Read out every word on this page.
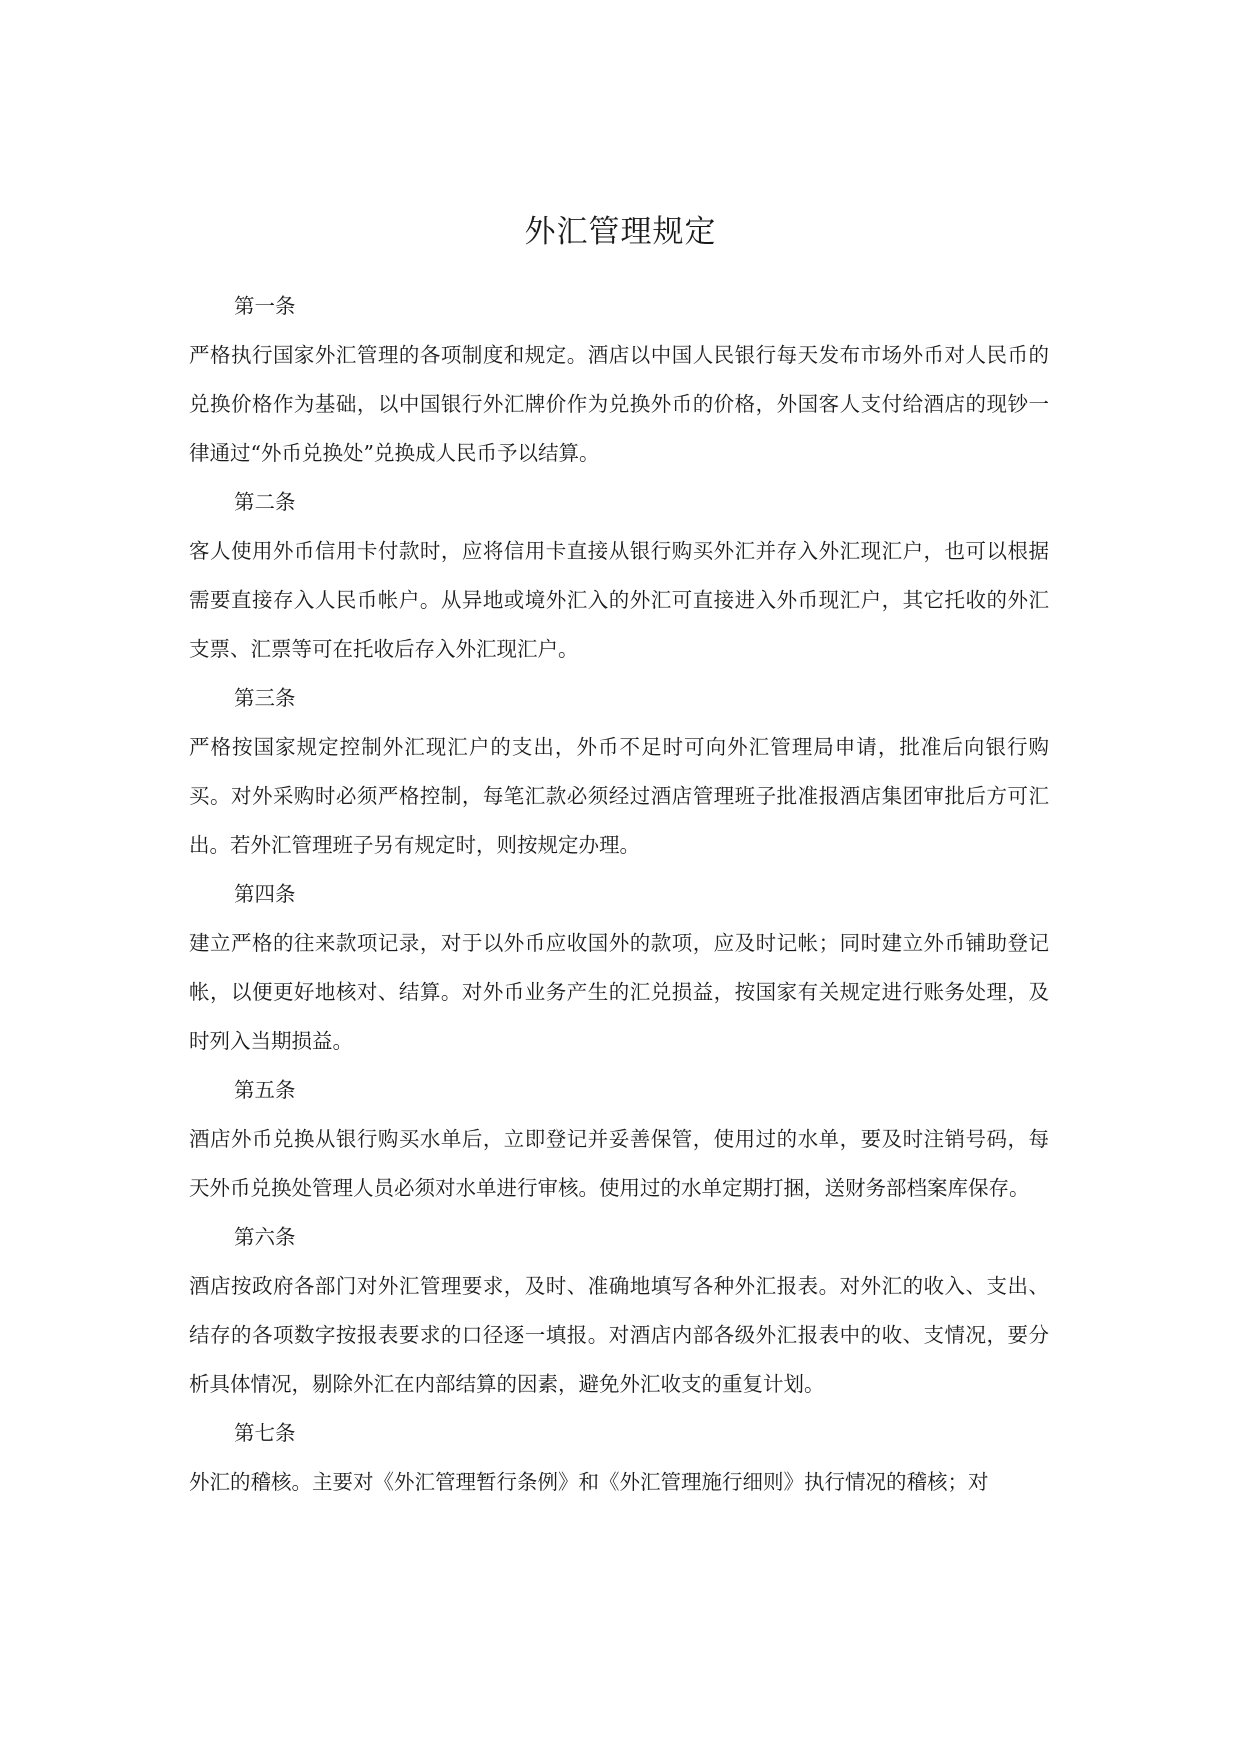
外汇管理规定
第一条
严格执行国家外汇管理的各项制度和规定。酒店以中国人民银行每天发布市场外币对人民币的兑换价格作为基础，以中国银行外汇牌价作为兑换外币的价格，外国客人支付给酒店的现钞一律通过“外币兑换处”兑换成人民币予以结算。
第二条
客人使用外币信用卡付款时，应将信用卡直接从银行购买外汇并存入外汇现汇户，也可以根据需要直接存入人民币帐户。从异地或境外汇入的外汇可直接进入外币现汇户，其它托收的外汇支票、汇票等可在托收后存入外汇现汇户。
第三条
严格按国家规定控制外汇现汇户的支出，外币不足时可向外汇管理局申请，批准后向银行购买。对外采购时必须严格控制，每笔汇款必须经过酒店管理班子批准报酒店集团审批后方可汇出。若外汇管理班子另有规定时，则按规定办理。
第四条
建立严格的往来款项记录，对于以外币应收国外的款项，应及时记帐；同时建立外币铺助登记帐，以便更好地核对、结算。对外币业务产生的汇兑损益，按国家有关规定进行账务处理，及时列入当期损益。
第五条
酒店外币兑换从银行购买水单后，立即登记并妥善保管，使用过的水单，要及时注销号码，每天外币兑换处管理人员必须对水单进行审核。使用过的水单定期打捆，送财务部档案库保存。
第六条
酒店按政府各部门对外汇管理要求，及时、准确地填写各种外汇报表。对外汇的收入、支出、结存的各项数字按报表要求的口径逐一填报。对酒店内部各级外汇报表中的收、支情况，要分析具体情况，剔除外汇在内部结算的因素，避免外汇收支的重复计划。
第七条
外汇的稽核。主要对《外汇管理暂行条例》和《外汇管理施行细则》执行情况的稽核；对
